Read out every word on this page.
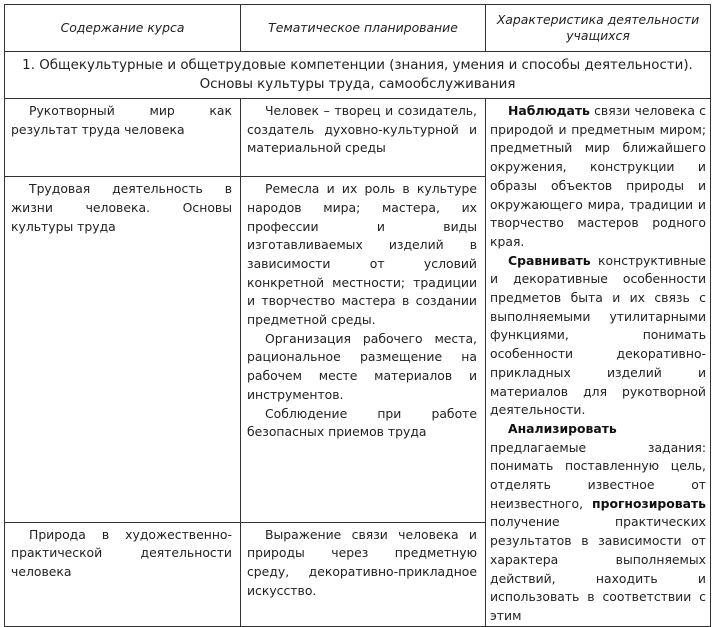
Содержание курса	Тематическое планирование	Характеристика деятельности учащихся

1. Общекультурные и общетрудовые компетенции (знания, умения и способы деятельности).
Основы культуры труда, самообслуживания		

Рукотворный мир как результат труда человека	Человек – творец и созидатель, создатель духовно-культурной и материальной среды	Наблюдать связи человека с природой и предметным миром; предметный мир ближайшего окружения, конструкции и образы объектов природы и окружающего мира, традиции и творчество мастеров родного края.

Сравнивать конструктивные и декоративные особенности предметов быта и их связь с выполняемыми утилитарными функциями, понимать особенности декоративно-прикладных изделий и материалов для рукотворной деятельности.

Анализировать предлагаемые задания: понимать поставленную цель, отделять известное от неизвестного, прогнозировать получение практических результатов в зависимости от характера выполняемых действий, находить и использовать в соответствии с этим

Трудовая деятельность в жизни человека. Основы культуры труда	Ремесла и их роль в культуре народов мира; мастера, их профессии и виды изготавливаемых изделий в зависимости от условий конкретной местности; традиции и творчество мастера в создании предметной среды.

Организация рабочего места, рациональное размещение на рабочем месте материалов и инструментов.

Соблюдение при работе безопасных приемов труда	

Природа в художественно-практической деятельности человека	Выражение связи человека и природы через предметную среду, декоративно-прикладное искусство.	
